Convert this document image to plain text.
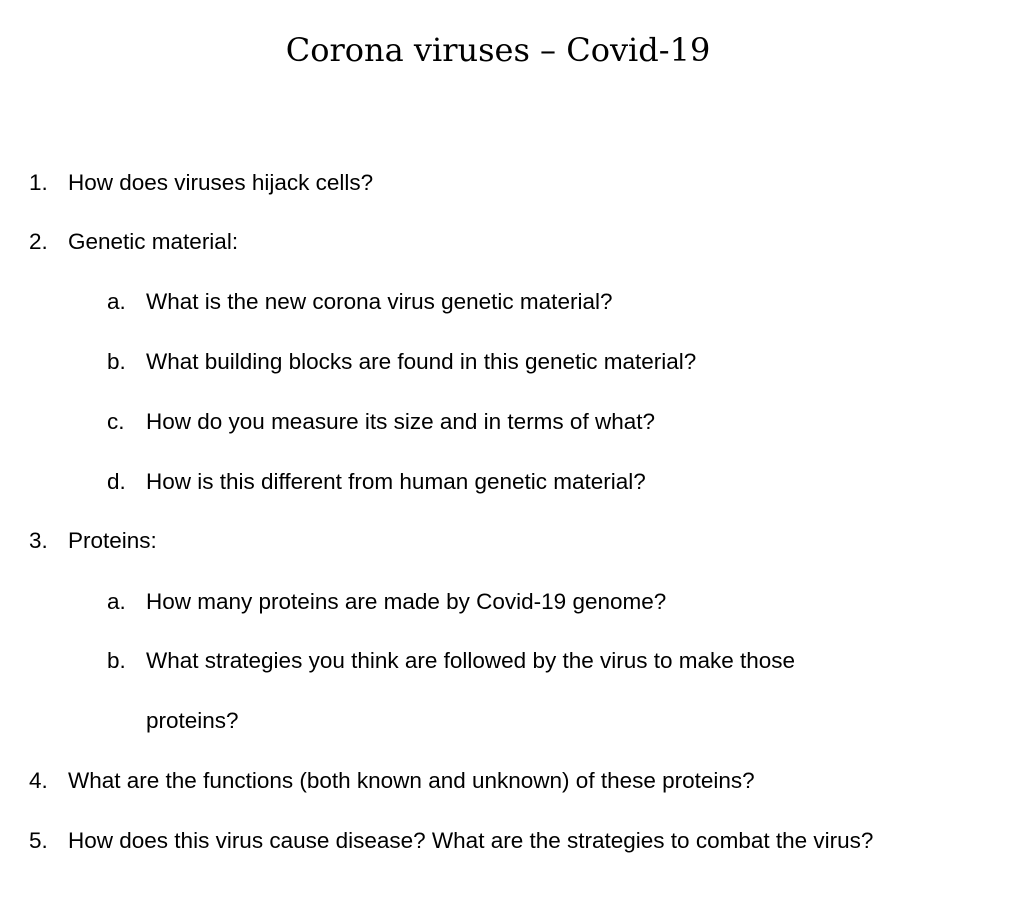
Corona viruses – Covid-19
1. How does viruses hijack cells?
2. Genetic material:
a. What is the new corona virus genetic material?
b. What building blocks are found in this genetic material?
c. How do you measure its size and in terms of what?
d. How is this different from human genetic material?
3. Proteins:
a. How many proteins are made by Covid-19 genome?
b. What strategies you think are followed by the virus to make those
proteins?
4. What are the functions (both known and unknown) of these proteins?
5. How does this virus cause disease? What are the strategies to combat the virus?
